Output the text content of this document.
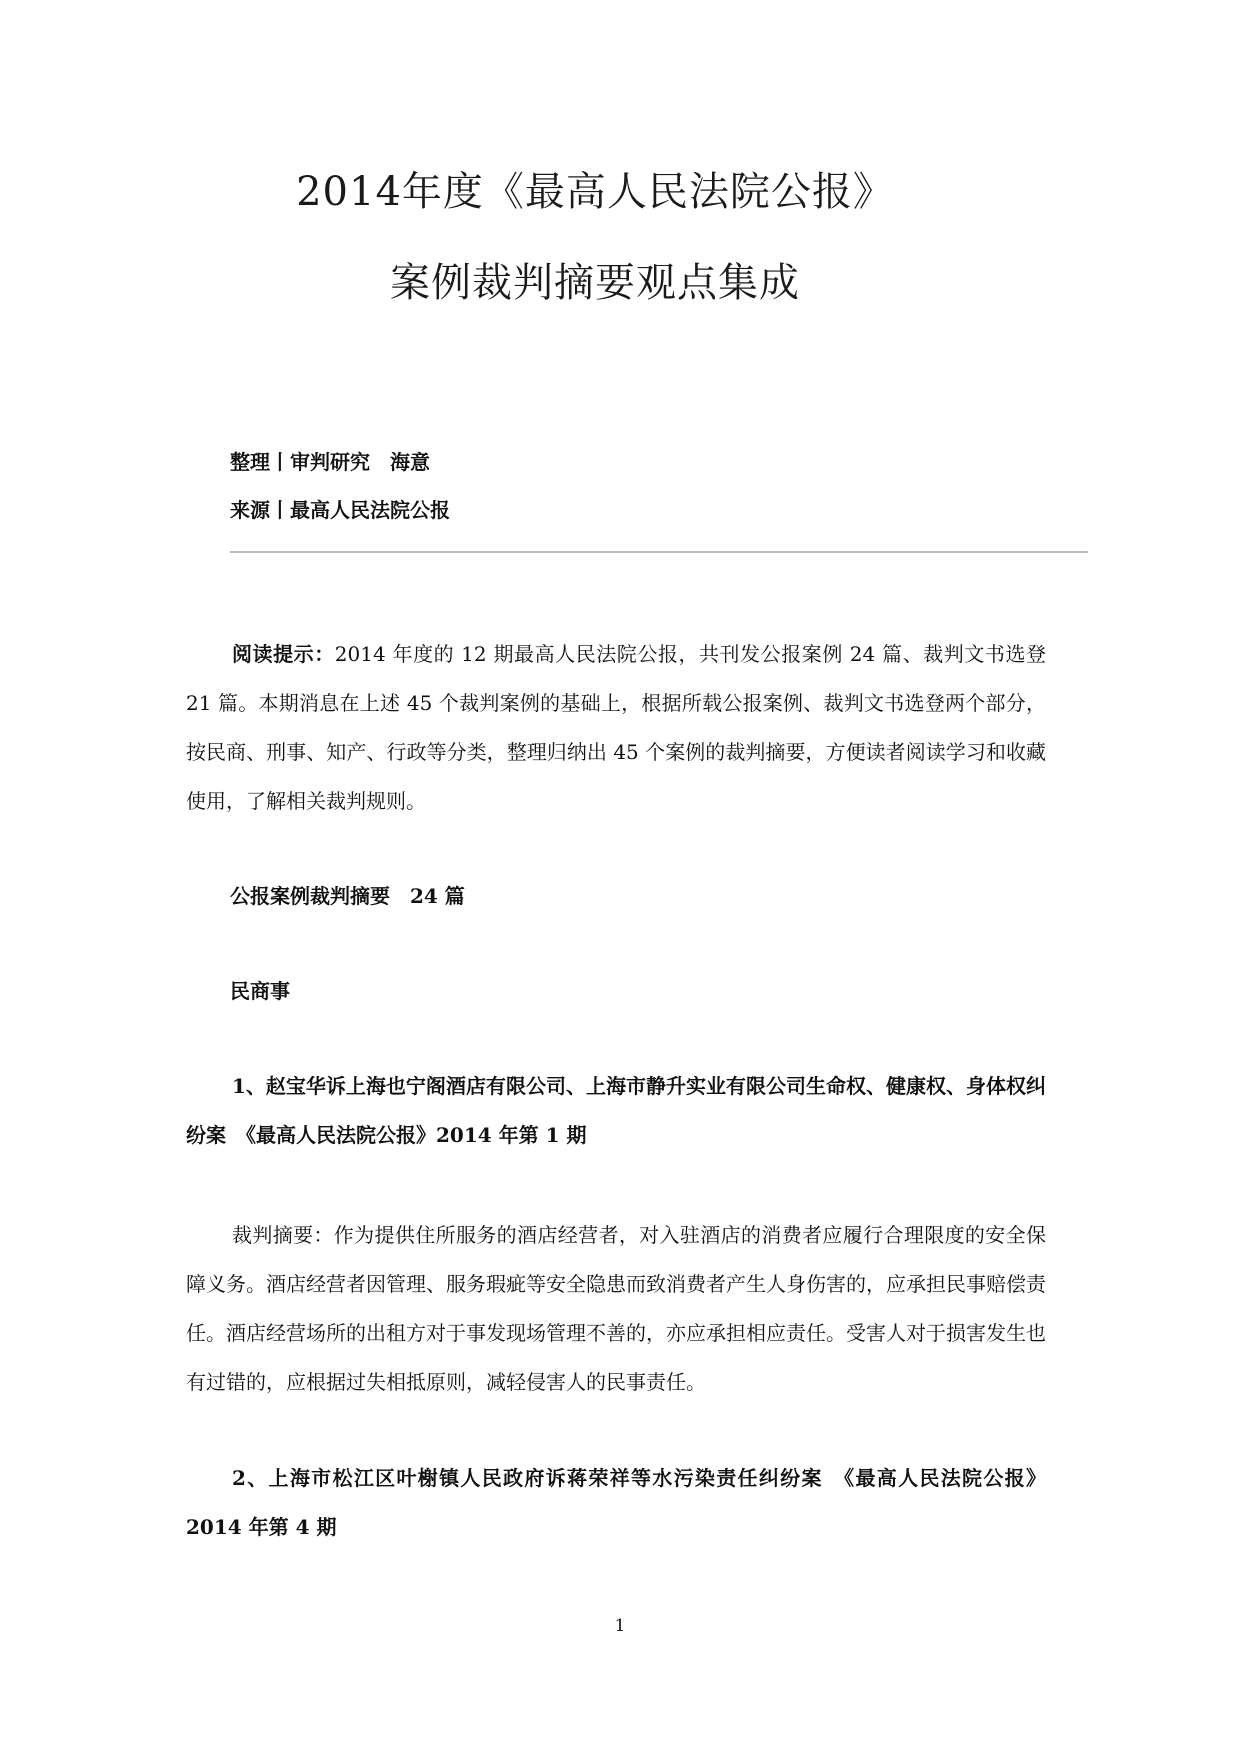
2014年度《最高人民法院公报》
案例裁判摘要观点集成
整理丨审判研究　海意
来源丨最高人民法院公报

阅读提示：2014 年度的 12 期最高人民法院公报，共刊发公报案例 24 篇、裁判文书选登 21 篇。本期消息在上述 45 个裁判案例的基础上，根据所载公报案例、裁判文书选登两个部分，按民商、刑事、知产、行政等分类，整理归纳出 45 个案例的裁判摘要，方便读者阅读学习和收藏使用，了解相关裁判规则。

公报案例裁判摘要　24 篇
民商事

1、赵宝华诉上海也宁阁酒店有限公司、上海市静升实业有限公司生命权、健康权、身体权纠纷案　《最高人民法院公报》2014 年第 1 期

裁判摘要：作为提供住所服务的酒店经营者，对入驻酒店的消费者应履行合理限度的安全保障义务。酒店经营者因管理、服务瑕疵等安全隐患而致消费者产生人身伤害的，应承担民事赔偿责任。酒店经营场所的出租方对于事发现场管理不善的，亦应承担相应责任。受害人对于损害发生也有过错的，应根据过失相抵原则，减轻侵害人的民事责任。

2、上海市松江区叶榭镇人民政府诉蒋荣祥等水污染责任纠纷案　《最高人民法院公报》2014 年第 4 期

1
